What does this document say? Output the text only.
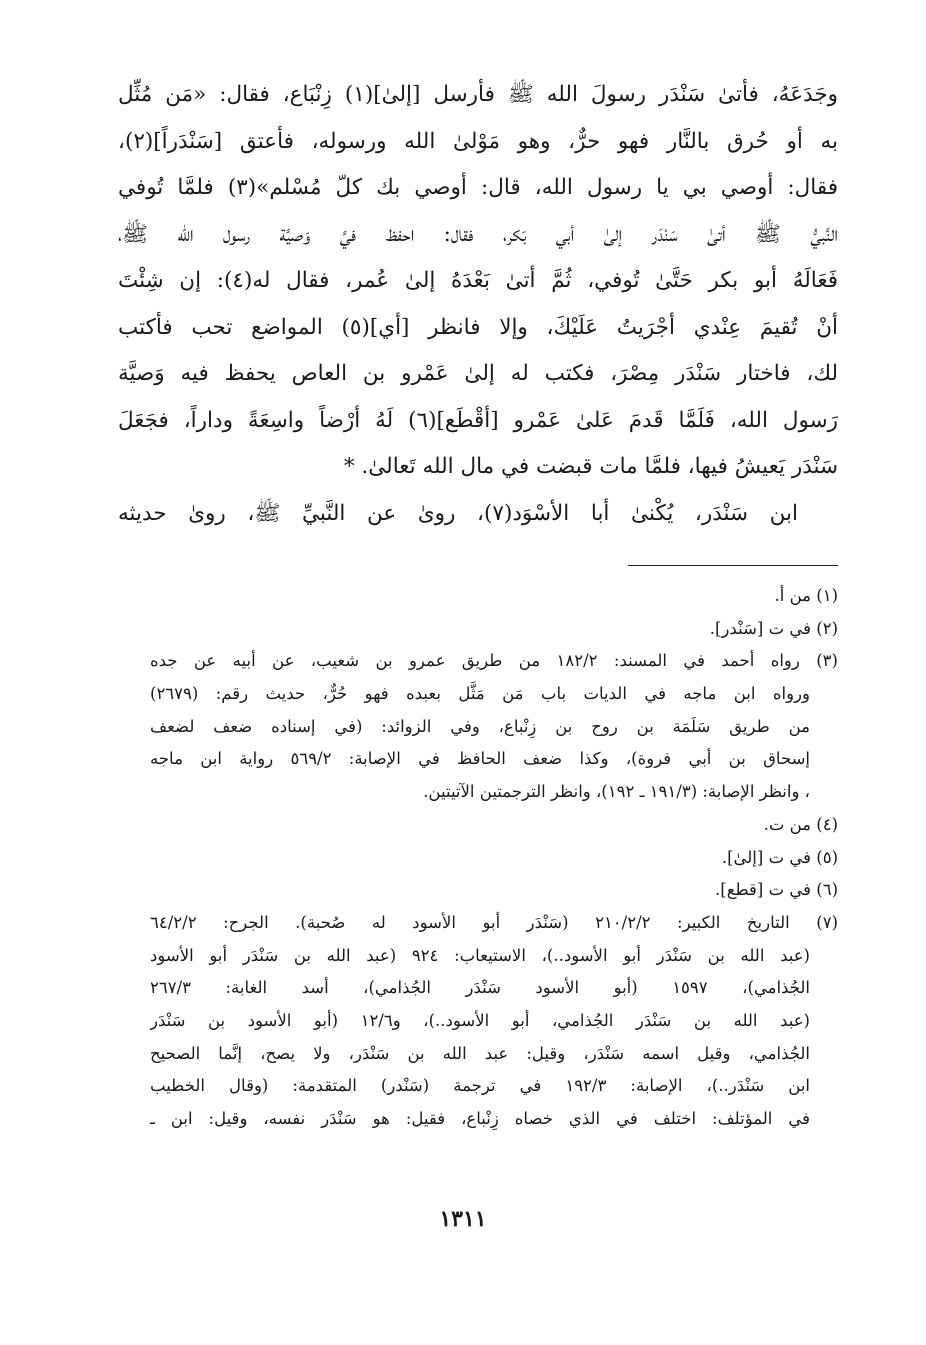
وجَدَعَهُ، فأتىٰ سَنْدَر رسولَ الله ﷺ فأرسل [إلىٰ](١) زِنْبَاع، فقال: «مَن مُثِّل
به أو حُرق بالنَّار فهو حرٌّ، وهو مَوْلىٰ الله ورسوله، فأعتق [سَنْدَراً](٢)،
فقال: أوصي بي يا رسول الله، قال: أوصي بك كلّ مُسْلم»(٣) فلمَّا تُوفي
النَّبيُّ ﷺ أتىٰ سَنْدَر إلىٰ أبي بَكر، فقال: احفظ فيَّ وَصيَّة رسول الله ﷺ،
فَعَالَهُ أبو بكر حَتَّىٰ تُوفي، ثُمَّ أتىٰ بَعْدَهُ إلىٰ عُمر، فقال له(٤): إن شِئْتَ
أنْ تُقيمَ عِنْدي أجْرَيتُ عَلَيْكَ، وإلا فانظر [أي](٥) المواضع تحب فأكتب
لك، فاختار سَنْدَر مِصْرَ، فكتب له إلىٰ عَمْرو بن العاص يحفظ فيه وَصيَّة
رَسول الله، فَلَمَّا قَدمَ عَلىٰ عَمْرو [أقْطَع](٦) لَهُ أرْضاً واسِعَةً وداراً، فجَعَلَ
سَنْدَر يَعيشُ فيها، فلمَّا مات قبضت في مال الله تَعالىٰ. *
ابن سَنْدَر، يُكْنىٰ أبا الأسْوَد(٧)، روىٰ عن النَّبيِّ ﷺ، روىٰ حديثه
(١) من أ.
(٢) في ت [سَنْدر].
(٣) رواه أحمد في المسند: ١٨٢/٢ من طريق عمرو بن شعيب، عن أبيه عن جده
ورواه ابن ماجه في الديات باب مَن مَثَّل بعبده فهو حُرٌّ، حديث رقم: (٢٦٧٩)
من طريق سَلَمَة بن روح بن زِنْباع، وفي الزوائد: (في إسناده ضعف لضعف
إسحاق بن أبي فروة)، وكذا ضعف الحافظ في الإصابة: ٥٦٩/٢ رواية ابن ماجه
، وانظر الإصابة: (١٩١/٣ ـ ١٩٢)، وانظر الترجمتين الآتيتين.
(٤) من ت.
(٥) في ت [إلىٰ].
(٦) في ت [قطع].
(٧) التاريخ الكبير: ٢١٠/٢/٢ (سَنْدَر أبو الأسود له صُحبة). الجرح: ٦٤/٢/٢
(عبد الله بن سَنْدَر أبو الأسود..)، الاستيعاب: ٩٢٤ (عبد الله بن سَنْدَر أبو الأسود
الجُذامي)، ١٥٩٧ (أبو الأسود سَنْدَر الجُذامي)، أسد الغابة: ٢٦٧/٣
(عبد الله بن سَنْدَر الجُذامي، أبو الأسود..)، و١٢/٦ (أبو الأسود بن سَنْدَر
الجُذامي، وقيل اسمه سَنْدَر، وقيل: عبد الله بن سَنْدَر، ولا يصح، إنَّما الصحيح
ابن سَنْدَر..)، الإصابة: ١٩٢/٣ في ترجمة (سَنْدر) المتقدمة: (وقال الخطيب
في المؤتلف: اختلف في الذي خصاه زِنْباع، فقيل: هو سَنْدَر نفسه، وقيل: ابن ـ
١٣١١
